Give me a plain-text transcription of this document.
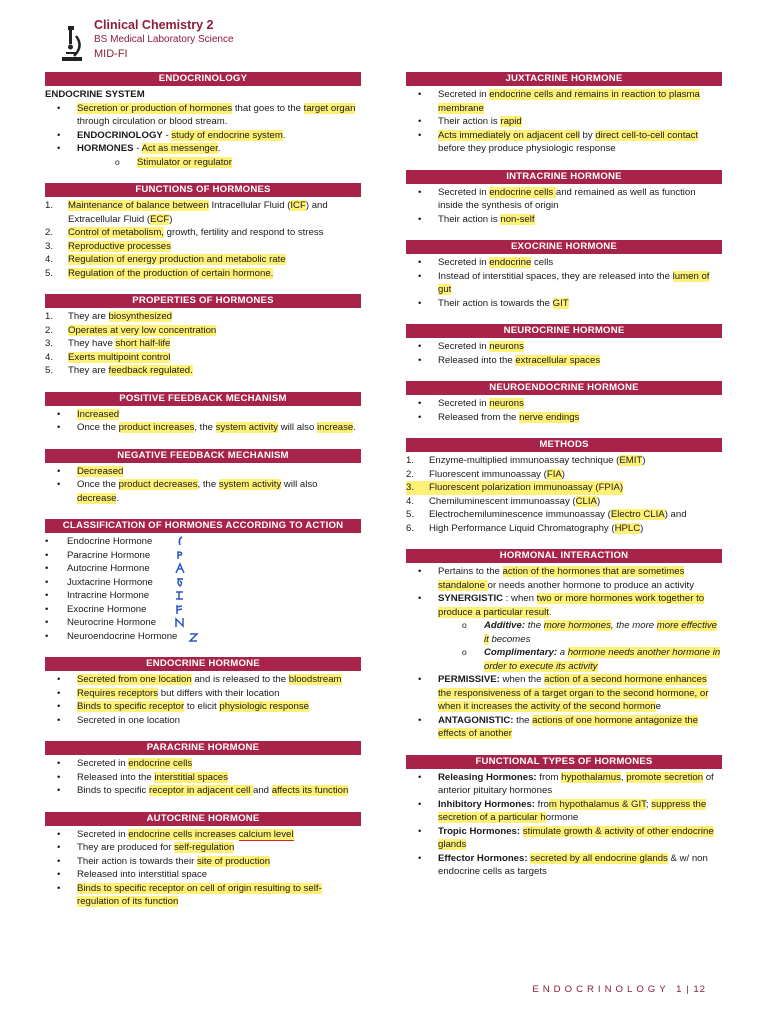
Clinical Chemistry 2
BS Medical Laboratory Science
MID-FI
ENDOCRINOLOGY
ENDOCRINE SYSTEM
• Secretion or production of hormones that goes to the target organ through circulation or blood stream.
• ENDOCRINOLOGY - study of endocrine system.
• HORMONES - Act as messenger.
o Stimulator or regulator
FUNCTIONS OF HORMONES
1. Maintenance of balance between Intracellular Fluid (ICF) and Extracellular Fluid (ECF)
2. Control of metabolism, growth, fertility and respond to stress
3. Reproductive processes
4. Regulation of energy production and metabolic rate
5. Regulation of the production of certain hormone.
PROPERTIES OF HORMONES
1. They are biosynthesized
2. Operates at very low concentration
3. They have short half-life
4. Exerts multipoint control
5. They are feedback regulated.
POSITIVE FEEDBACK MECHANISM
• Increased
• Once the product increases, the system activity will also increase.
NEGATIVE FEEDBACK MECHANISM
• Decreased
• Once the product decreases, the system activity will also decrease.
CLASSIFICATION OF HORMONES ACCORDING TO ACTION
• Endocrine Hormone
• Paracrine Hormone
• Autocrine Hormone
• Juxtacrine Hormone
• Intracrine Hormone
• Exocrine Hormone
• Neurocrine Hormone
• Neuroendocrine Hormone
ENDOCRINE HORMONE
• Secreted from one location and is released to the bloodstream
• Requires receptors but differs with their location
• Binds to specific receptor to elicit physiologic response
• Secreted in one location
PARACRINE HORMONE
• Secreted in endocrine cells
• Released into the interstitial spaces
• Binds to specific receptor in adjacent cell and affects its function
AUTOCRINE HORMONE
• Secreted in endocrine cells increases calcium level
• They are produced for self-regulation
• Their action is towards their site of production
• Released into interstitial space
• Binds to specific receptor on cell of origin resulting to self-regulation of its function
JUXTACRINE HORMONE
• Secreted in endocrine cells and remains in reaction to plasma membrane
• Their action is rapid
• Acts immediately on adjacent cell by direct cell-to-cell contact before they produce physiologic response
INTRACRINE HORMONE
• Secreted in endocrine cells and remained as well as function inside the synthesis of origin
• Their action is non-self
EXOCRINE HORMONE
• Secreted in endocrine cells
• Instead of interstitial spaces, they are released into the lumen of gut
• Their action is towards the GIT
NEUROCRINE HORMONE
• Secreted in neurons
• Released into the extracellular spaces
NEUROENDOCRINE HORMONE
• Secreted in neurons
• Released from the nerve endings
METHODS
1. Enzyme-multiplied immunoassay technique (EMIT)
2. Fluorescent immunoassay (FIA)
3. Fluorescent polarization immunoassay (FPIA)
4. Chemiluminescent immunoassay (CLIA)
5. Electrochemiluminescence immunoassay (Electro CLIA) and
6. High Performance Liquid Chromatography (HPLC)
HORMONAL INTERACTION
• Pertains to the action of the hormones that are sometimes standalone or needs another hormone to produce an activity
• SYNERGISTIC : when two or more hormones work together to produce a particular result.
o Additive: the more hormones, the more more effective it becomes
o Complimentary: a hormone needs another hormone in order to execute its activity
• PERMISSIVE: when the action of a second hormone enhances the responsiveness of a target organ to the second hormone, or when it increases the activity of the second hormone
• ANTAGONISTIC: the actions of one hormone antagonize the effects of another
FUNCTIONAL TYPES OF HORMONES
• Releasing Hormones: from hypothalamus, promote secretion of anterior pituitary hormones
• Inhibitory Hormones: from hypothalamus & GIT; suppress the secretion of a particular hormone
• Tropic Hormones: stimulate growth & activity of other endocrine glands
• Effector Hormones: secreted by all endocrine glands & w/ non endocrine cells as targets
ENDOCRINOLOGY 1 | 12
